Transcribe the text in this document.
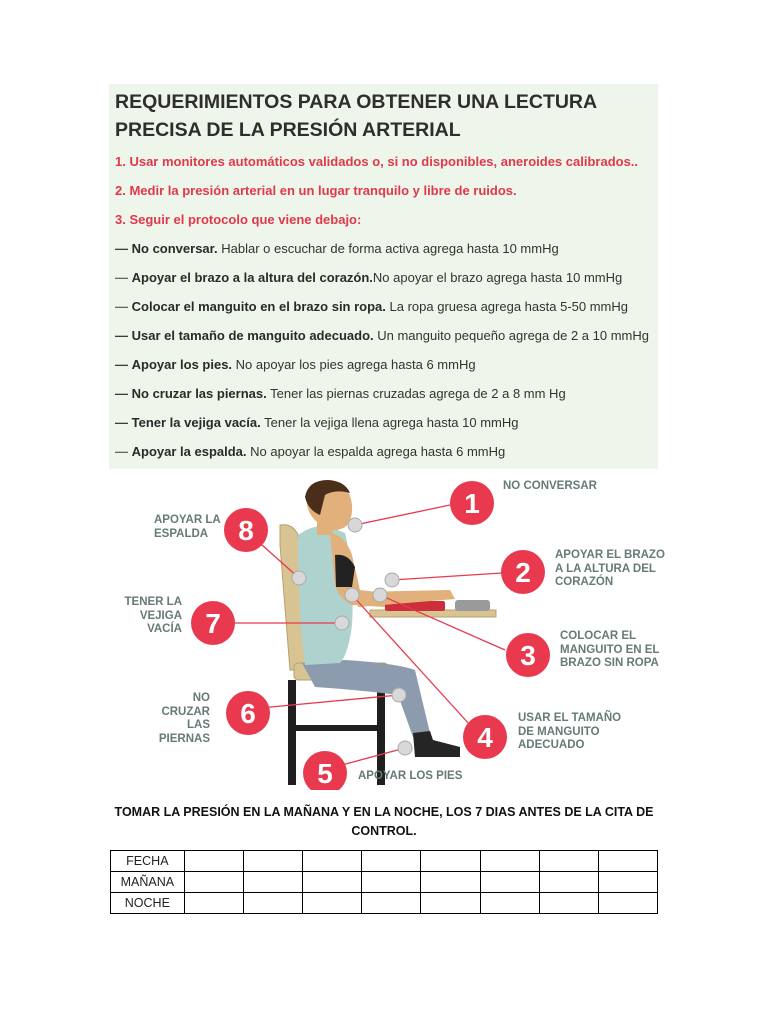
REQUERIMIENTOS PARA OBTENER UNA LECTURA PRECISA DE LA PRESIÓN ARTERIAL
1. Usar monitores automáticos validados o, si no disponibles, aneroides calibrados..
2. Medir la presión arterial en un lugar tranquilo y libre de ruidos.
3. Seguir el protocolo que viene debajo:
— No conversar. Hablar o escuchar de forma activa agrega hasta 10 mmHg
— Apoyar el brazo a la altura del corazón.No apoyar el brazo agrega hasta 10 mmHg
— Colocar el manguito en el brazo sin ropa. La ropa gruesa agrega hasta 5-50 mmHg
— Usar el tamaño de manguito adecuado. Un manguito pequeño agrega de 2 a 10 mmHg
— Apoyar los pies. No apoyar los pies agrega hasta 6 mmHg
— No cruzar las piernas. Tener las piernas cruzadas agrega de 2 a 8 mm Hg
— Tener la vejiga vacía. Tener la vejiga llena agrega hasta 10 mmHg
— Apoyar la espalda. No apoyar la espalda agrega hasta 6 mmHg
1
2
3
4
5
6
7
8

NO CONVERSAR

APOYAR EL BRAZO
A LA ALTURA DEL
CORAZÓN

COLOCAR EL
MANGUITO EN EL
BRAZO SIN ROPA

USAR EL TAMAÑO
DE MANGUITO
ADECUADO

APOYAR LOS PIES

NO CRUZAR
LAS PIERNAS

TENER LA
VEJIGA VACÍA

APOYAR LA
ESPALDA

TOMAR LA PRESIÓN EN LA MAÑANA Y EN LA NOCHE, LOS 7 DIAS ANTES DE LA CITA DE CONTROL.

FECHA								
MAÑANA								
NOCHE								
